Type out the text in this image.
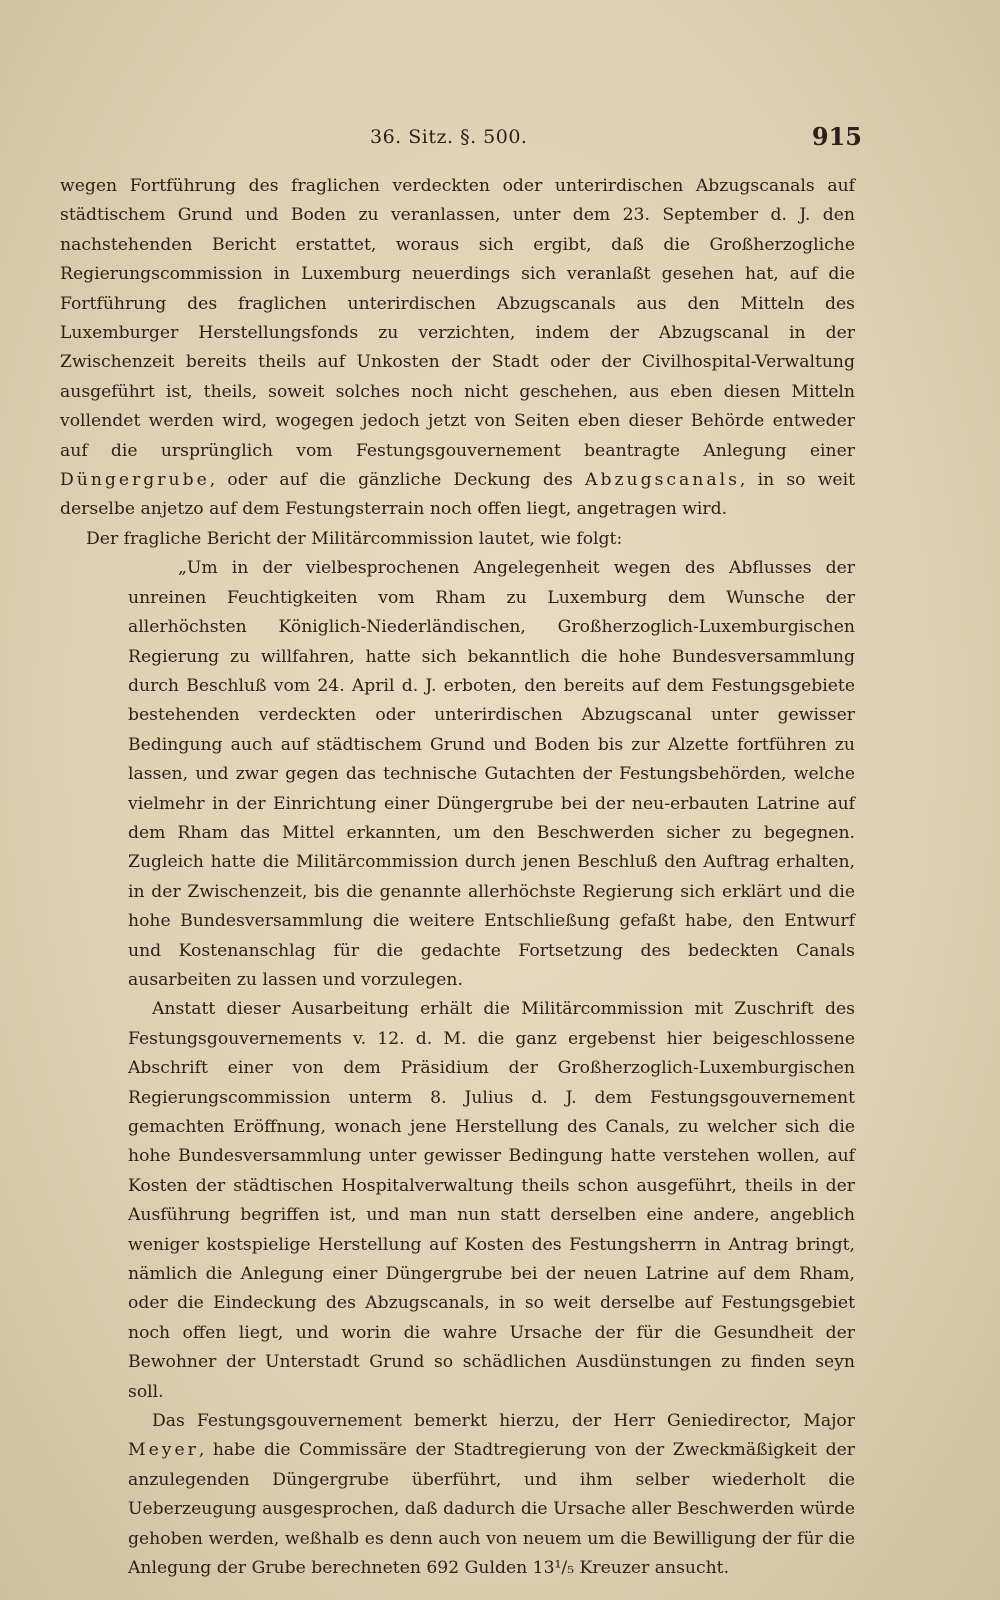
36. Sitz. §. 500.	915

wegen Fortführung des fraglichen verdeckten oder unterirdischen Abzugscanals auf städtischem Grund und Boden zu veranlassen, unter dem 23. September d. J. den nachstehenden Bericht erstattet, woraus sich ergibt, daß die Großherzogliche Regierungscommission in Luxemburg neuerdings sich veranlaßt gesehen hat, auf die Fortführung des fraglichen unterirdischen Abzugscanals aus den Mitteln des Luxemburger Herstellungsfonds zu verzichten, indem der Abzugscanal in der Zwischenzeit bereits theils auf Unkosten der Stadt oder der Civilhospital-Verwaltung ausgeführt ist, theils, soweit solches noch nicht geschehen, aus eben diesen Mitteln vollendet werden wird, wogegen jedoch jetzt von Seiten eben dieser Behörde entweder auf die ursprünglich vom Festungsgouvernement beantragte Anlegung einer Düngergrube, oder auf die gänzliche Deckung des Abzugscanals, in so weit derselbe anjetzo auf dem Festungsterrain noch offen liegt, angetragen wird.

Der fragliche Bericht der Militärcommission lautet, wie folgt:

„Um in der vielbesprochenen Angelegenheit wegen des Abflusses der unreinen Feuchtigkeiten vom Rham zu Luxemburg dem Wunsche der allerhöchsten Königlich-Niederländischen, Großherzoglich-Luxemburgischen Regierung zu willfahren, hatte sich bekanntlich die hohe Bundesversammlung durch Beschluß vom 24. April d. J. erboten, den bereits auf dem Festungsgebiete bestehenden verdeckten oder unterirdischen Abzugscanal unter gewisser Bedingung auch auf städtischem Grund und Boden bis zur Alzette fortführen zu lassen, und zwar gegen das technische Gutachten der Festungsbehörden, welche vielmehr in der Einrichtung einer Düngergrube bei der neu-erbauten Latrine auf dem Rham das Mittel erkannten, um den Beschwerden sicher zu begegnen. Zugleich hatte die Militärcommission durch jenen Beschluß den Auftrag erhalten, in der Zwischenzeit, bis die genannte allerhöchste Regierung sich erklärt und die hohe Bundesversammlung die weitere Entschließung gefaßt habe, den Entwurf und Kostenanschlag für die gedachte Fortsetzung des bedeckten Canals ausarbeiten zu lassen und vorzulegen.

Anstatt dieser Ausarbeitung erhält die Militärcommission mit Zuschrift des Festungsgouvernements v. 12. d. M. die ganz ergebenst hier beigeschlossene Abschrift einer von dem Präsidium der Großherzoglich-Luxemburgischen Regierungscommission unterm 8. Julius d. J. dem Festungsgouvernement gemachten Eröffnung, wonach jene Herstellung des Canals, zu welcher sich die hohe Bundesversammlung unter gewisser Bedingung hatte verstehen wollen, auf Kosten der städtischen Hospitalverwaltung theils schon ausgeführt, theils in der Ausführung begriffen ist, und man nun statt derselben eine andere, angeblich weniger kostspielige Herstellung auf Kosten des Festungsherrn in Antrag bringt, nämlich die Anlegung einer Düngergrube bei der neuen Latrine auf dem Rham, oder die Eindeckung des Abzugscanals, in so weit derselbe auf Festungsgebiet noch offen liegt, und worin die wahre Ursache der für die Gesundheit der Bewohner der Unterstadt Grund so schädlichen Ausdünstungen zu finden seyn soll.

Das Festungsgouvernement bemerkt hierzu, der Herr Geniedirector, Major Meyer, habe die Commissäre der Stadtregierung von der Zweckmäßigkeit der anzulegenden Düngergrube überführt, und ihm selber wiederholt die Ueberzeugung ausgesprochen, daß dadurch die Ursache aller Beschwerden würde gehoben werden, weßhalb es denn auch von neuem um die Bewilligung der für die Anlegung der Grube berechneten 692 Gulden 13¹/₅ Kreuzer ansucht.
